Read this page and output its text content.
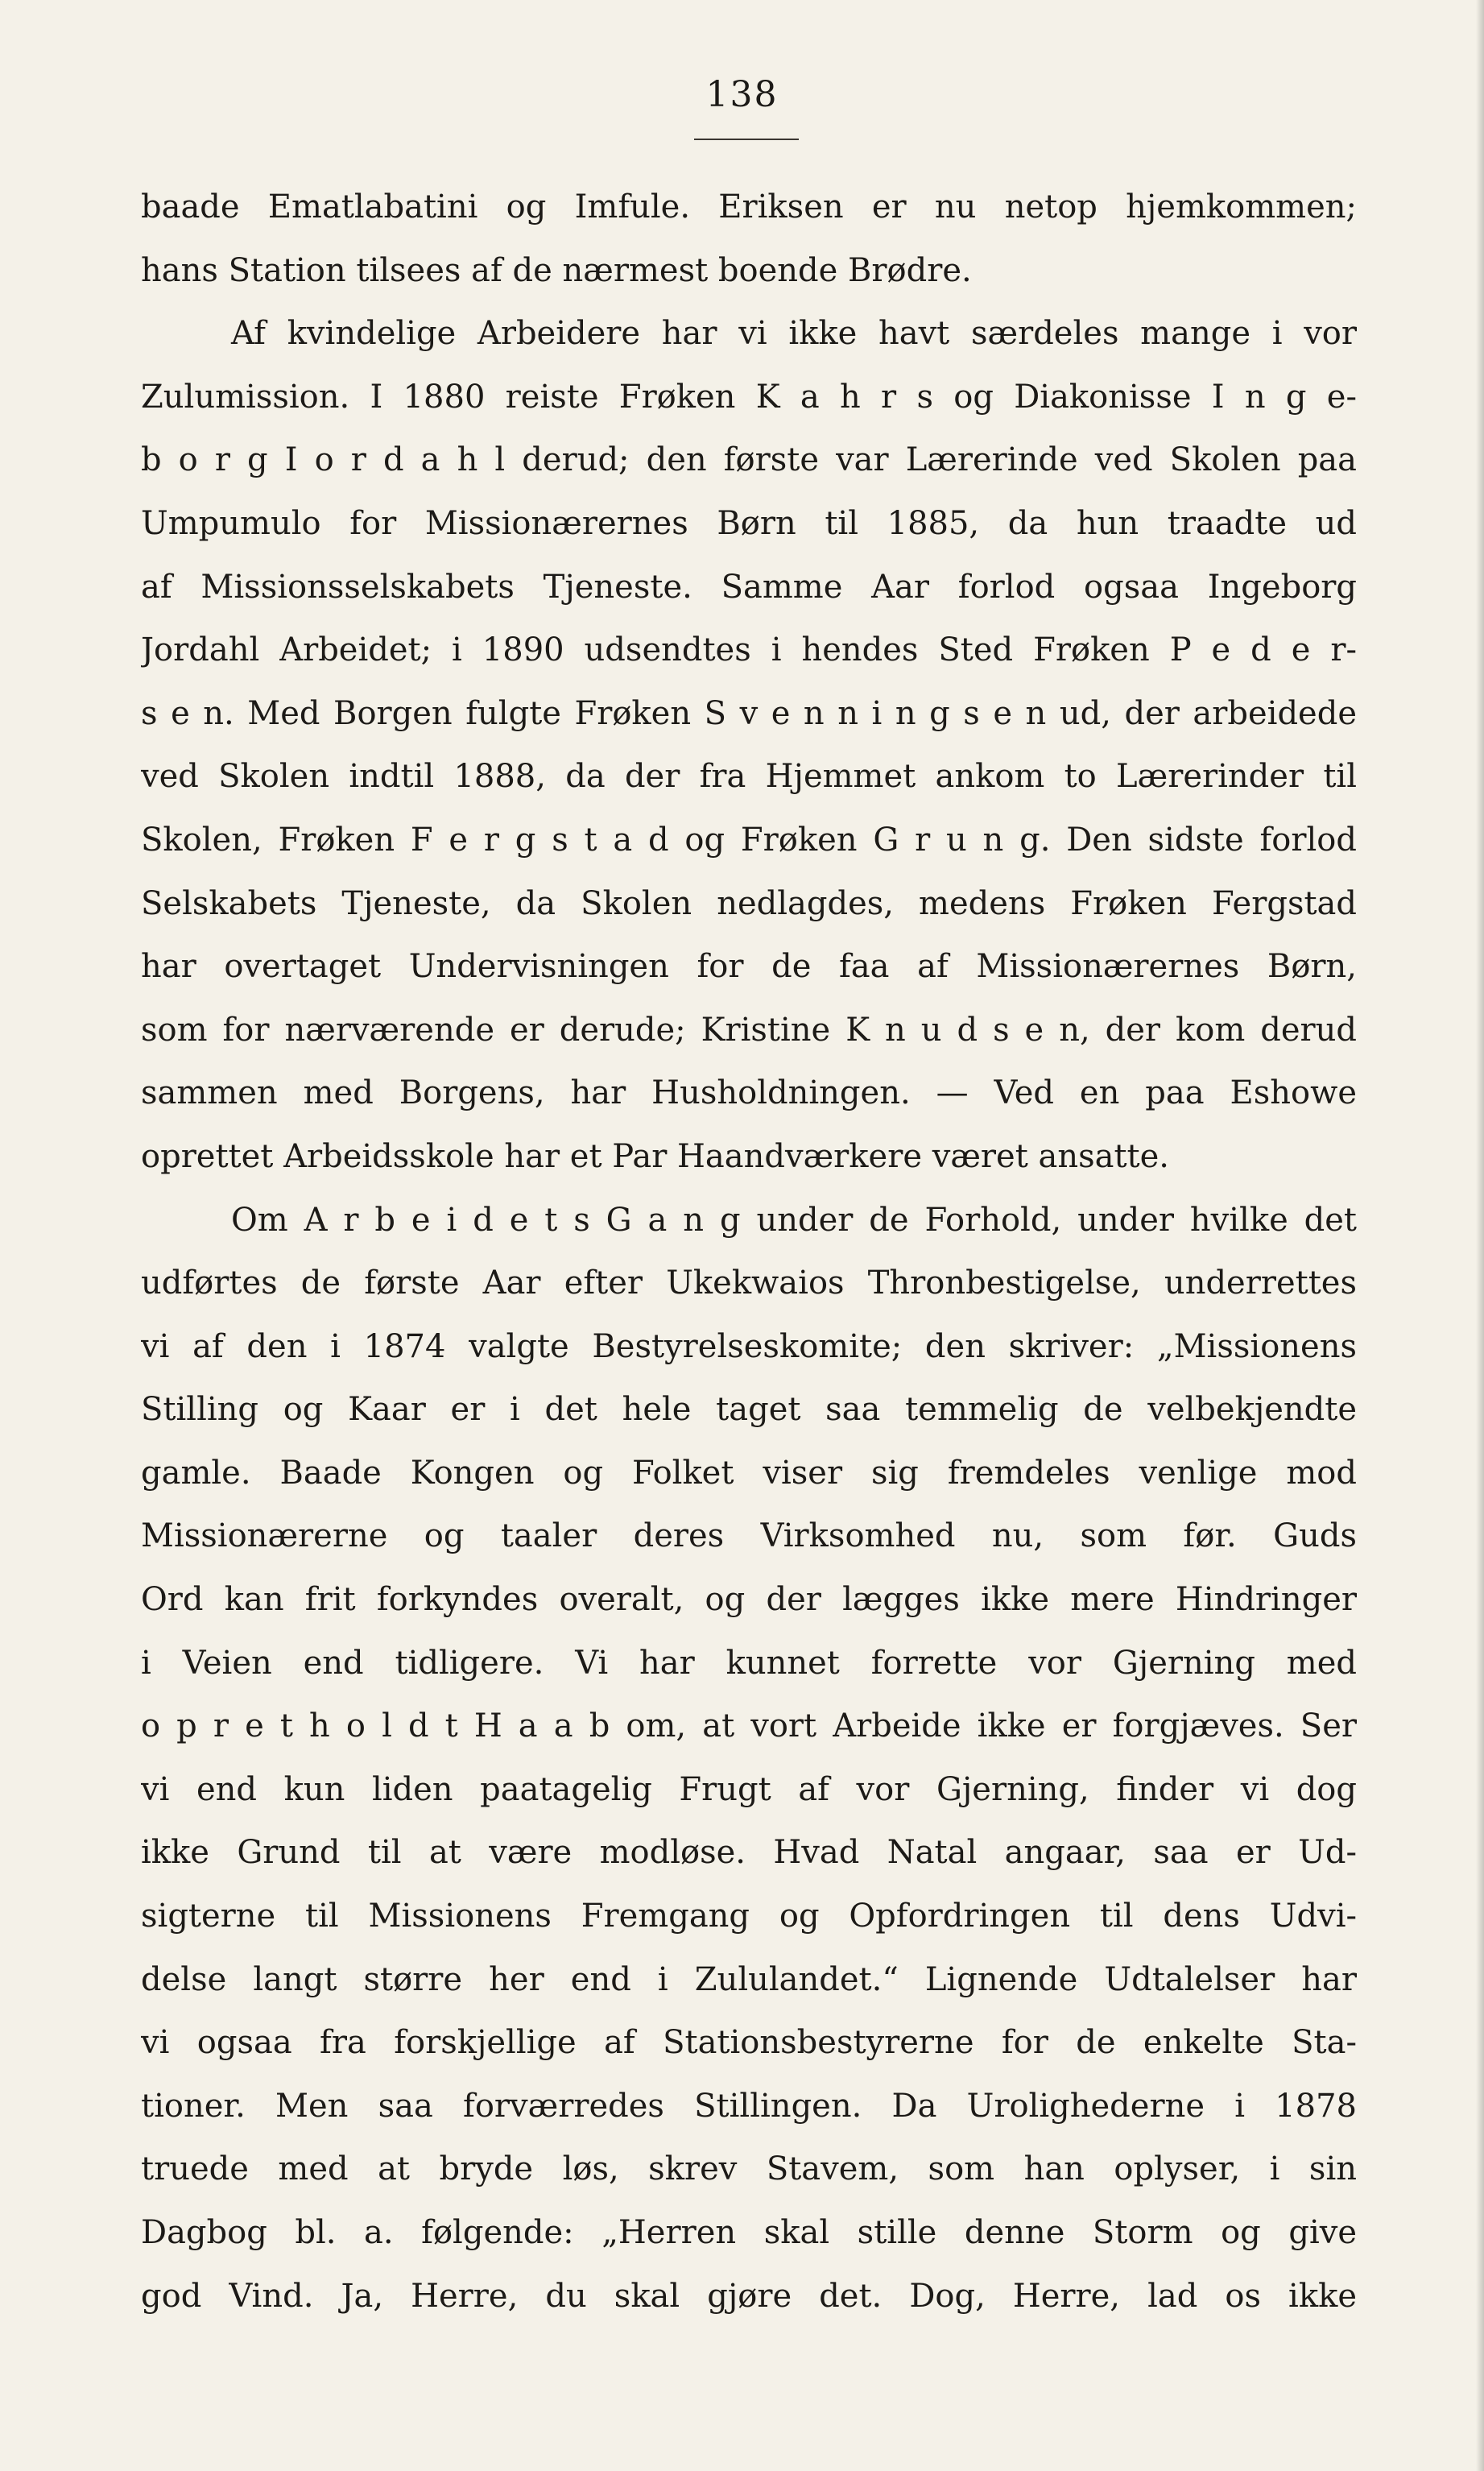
138
baade Ematlabatini og Imfule. Eriksen er nu netop hjemkommen;
hans Station tilsees af de nærmest boende Brødre.
Af kvindelige Arbeidere har vi ikke havt særdeles mange i vor
Zulumission. I 1880 reiste Frøken K a h r s og Diakonisse I n g e-
b o r g I o r d a h l derud; den første var Lærerinde ved Skolen paa
Umpumulo for Missionærernes Børn til 1885, da hun traadte ud
af Missionsselskabets Tjeneste. Samme Aar forlod ogsaa Ingeborg
Jordahl Arbeidet; i 1890 udsendtes i hendes Sted Frøken P e d e r-
s e n. Med Borgen fulgte Frøken S v e n n i n g s e n ud, der arbeidede
ved Skolen indtil 1888, da der fra Hjemmet ankom to Lærerinder til
Skolen, Frøken F e r g s t a d og Frøken G r u n g. Den sidste forlod
Selskabets Tjeneste, da Skolen nedlagdes, medens Frøken Fergstad
har overtaget Undervisningen for de faa af Missionærernes Børn,
som for nærværende er derude; Kristine K n u d s e n, der kom derud
sammen med Borgens, har Husholdningen. — Ved en paa Eshowe
oprettet Arbeidsskole har et Par Haandværkere været ansatte.
Om A r b e i d e t s G a n g under de Forhold, under hvilke det
udførtes de første Aar efter Ukekwaios Thronbestigelse, underrettes
vi af den i 1874 valgte Bestyrelseskomite; den skriver: „Missionens
Stilling og Kaar er i det hele taget saa temmelig de velbekjendte
gamle. Baade Kongen og Folket viser sig fremdeles venlige mod
Missionærerne og taaler deres Virksomhed nu, som før. Guds
Ord kan frit forkyndes overalt, og der lægges ikke mere Hindringer
i Veien end tidligere. Vi har kunnet forrette vor Gjerning med
o p r e t h o l d t H a a b om, at vort Arbeide ikke er forgjæves. Ser
vi end kun liden paatagelig Frugt af vor Gjerning, finder vi dog
ikke Grund til at være modløse. Hvad Natal angaar, saa er Ud-
sigterne til Missionens Fremgang og Opfordringen til dens Udvi-
delse langt større her end i Zululandet.“ Lignende Udtalelser har
vi ogsaa fra forskjellige af Stationsbestyrerne for de enkelte Sta-
tioner. Men saa forværredes Stillingen. Da Urolighederne i 1878
truede med at bryde løs, skrev Stavem, som han oplyser, i sin
Dagbog bl. a. følgende: „Herren skal stille denne Storm og give
god Vind. Ja, Herre, du skal gjøre det. Dog, Herre, lad os ikke
